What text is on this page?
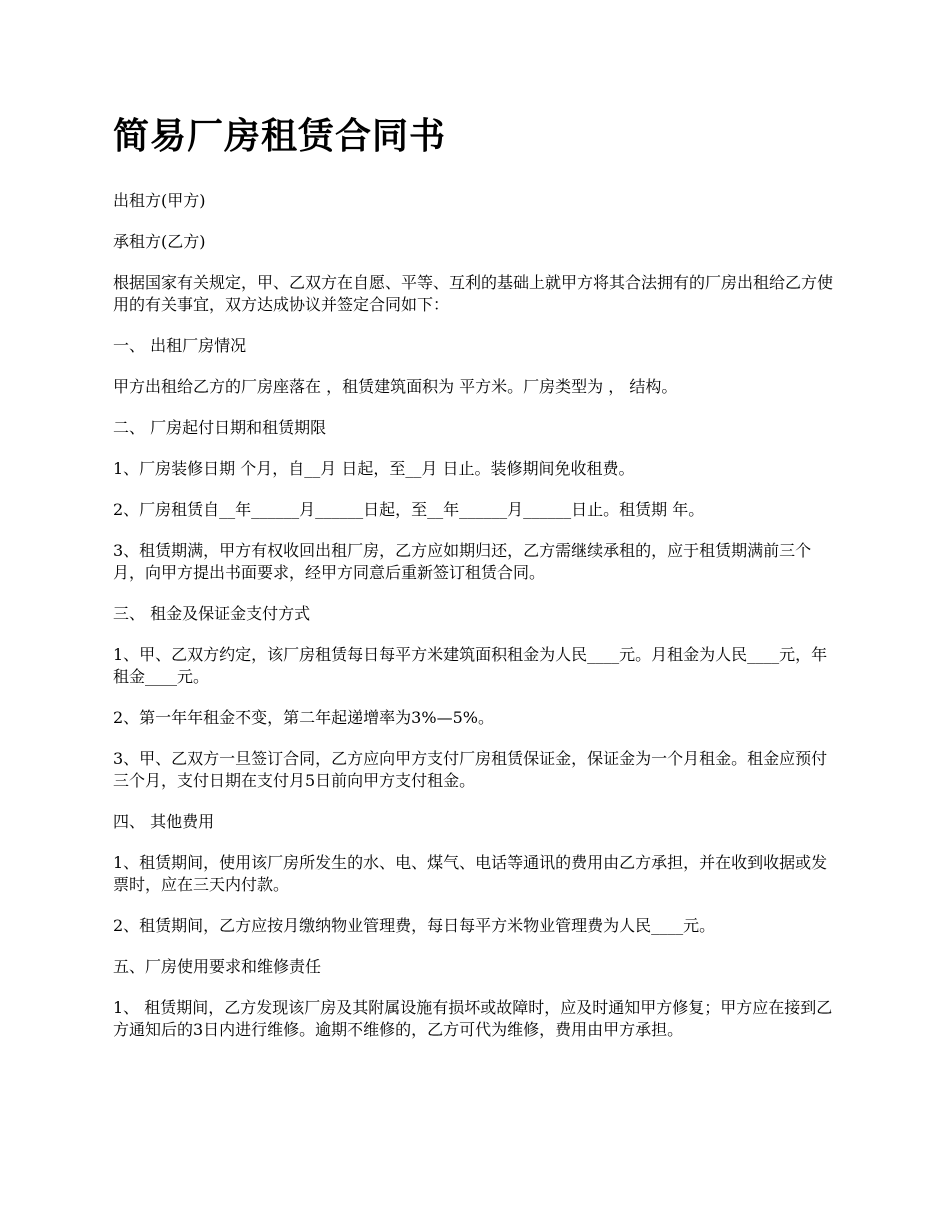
简易厂房租赁合同书

出租方(甲方)

承租方(乙方)

根据国家有关规定，甲、乙双方在自愿、平等、互利的基础上就甲方将其合法拥有的厂房出租给乙方使用的有关事宜，双方达成协议并签定合同如下：

一、 出租厂房情况

甲方出租给乙方的厂房座落在 ，租赁建筑面积为 平方米。厂房类型为 ， 结构。

二、 厂房起付日期和租赁期限

1、厂房装修日期 个月，自__月 日起，至__月 日止。装修期间免收租费。

2、厂房租赁自__年______月______日起，至__年______月______日止。租赁期 年。

3、租赁期满，甲方有权收回出租厂房，乙方应如期归还，乙方需继续承租的，应于租赁期满前三个月，向甲方提出书面要求，经甲方同意后重新签订租赁合同。

三、 租金及保证金支付方式

1、甲、乙双方约定，该厂房租赁每日每平方米建筑面积租金为人民____元。月租金为人民____元，年租金____元。

2、第一年年租金不变，第二年起递增率为3%—5%。

3、甲、乙双方一旦签订合同，乙方应向甲方支付厂房租赁保证金，保证金为一个月租金。租金应预付三个月，支付日期在支付月5日前向甲方支付租金。

四、 其他费用

1、租赁期间，使用该厂房所发生的水、电、煤气、电话等通讯的费用由乙方承担，并在收到收据或发票时，应在三天内付款。

2、租赁期间，乙方应按月缴纳物业管理费，每日每平方米物业管理费为人民____元。

五、厂房使用要求和维修责任

1、 租赁期间，乙方发现该厂房及其附属设施有损坏或故障时，应及时通知甲方修复；甲方应在接到乙方通知后的3日内进行维修。逾期不维修的，乙方可代为维修，费用由甲方承担。
